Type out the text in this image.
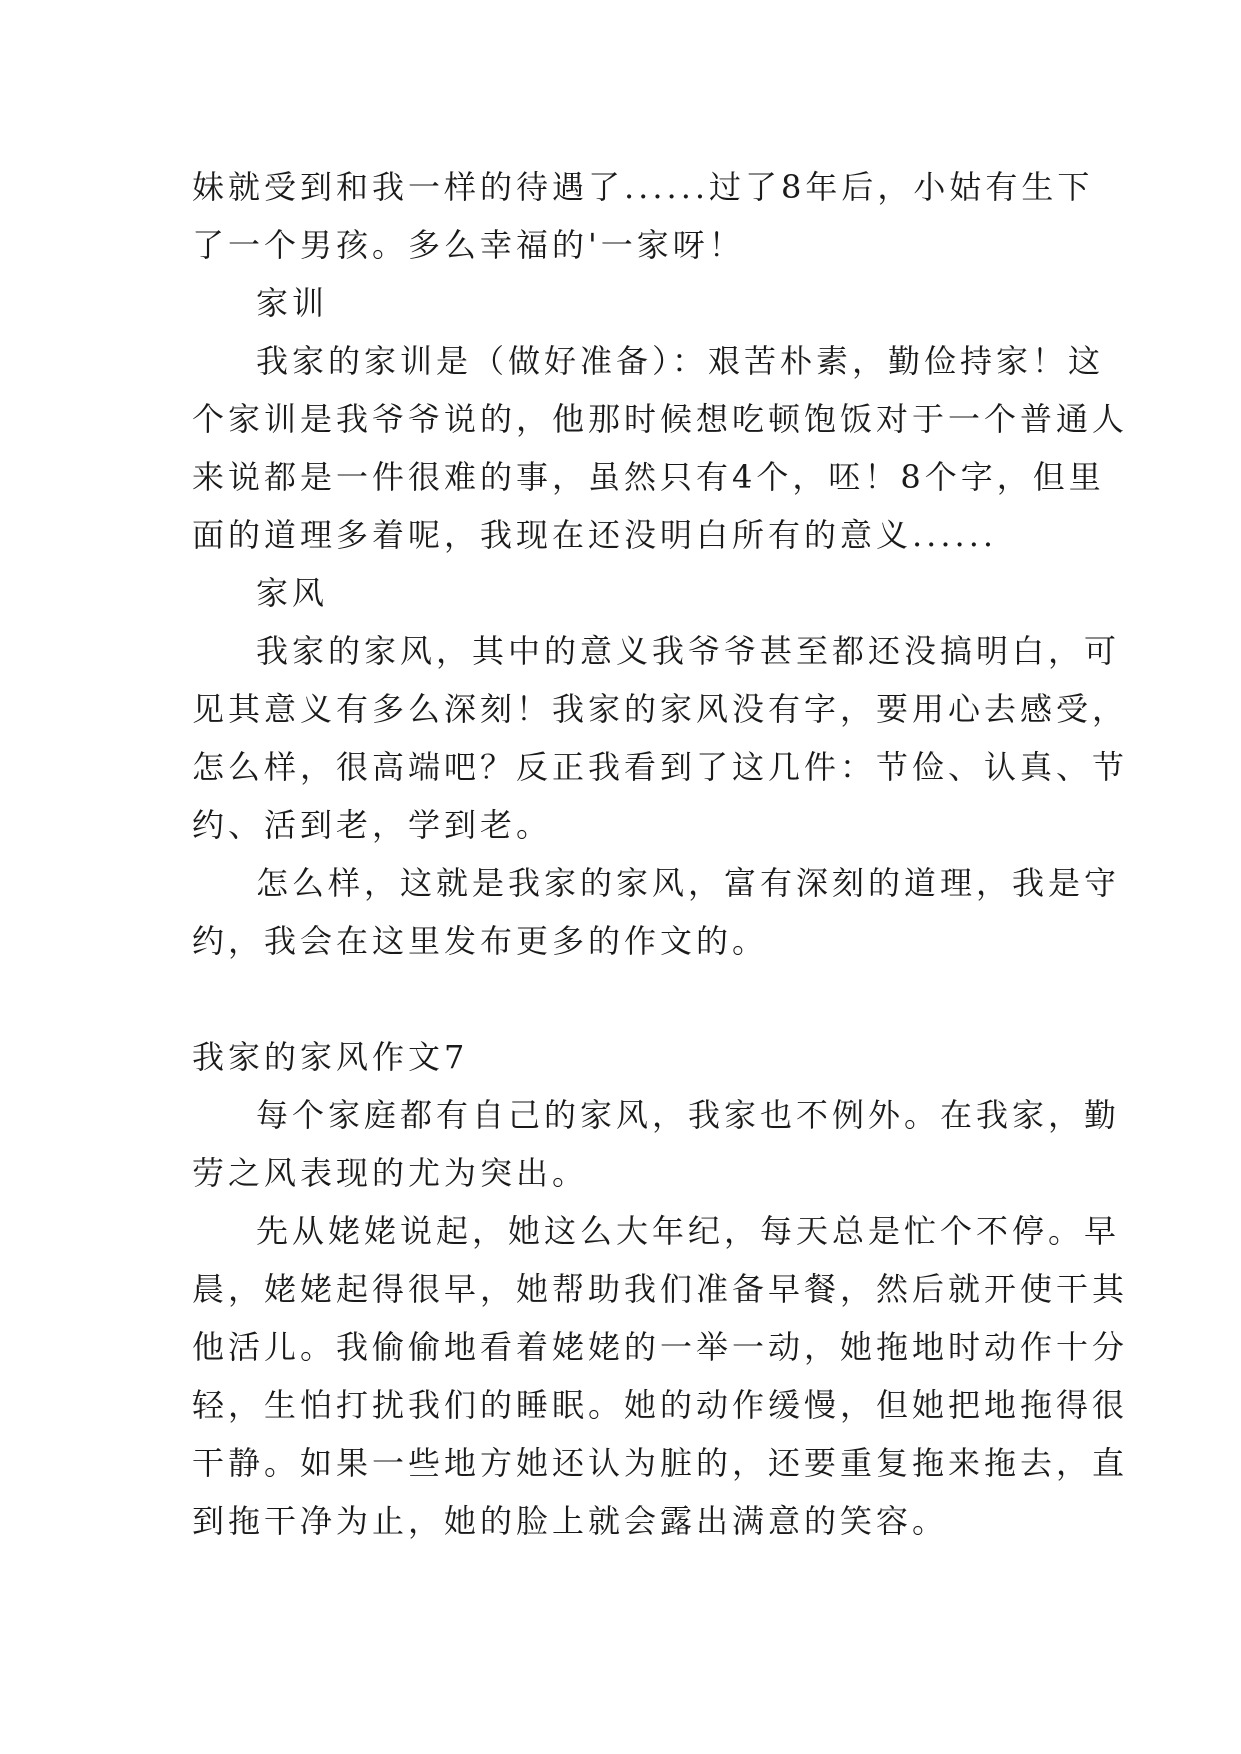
妹就受到和我一样的待遇了......过了8年后，小姑有生下
了一个男孩。多么幸福的'一家呀！
家训
我家的家训是（做好准备）：艰苦朴素，勤俭持家！这
个家训是我爷爷说的，他那时候想吃顿饱饭对于一个普通人
来说都是一件很难的事，虽然只有4个，呸！8个字，但里
面的道理多着呢，我现在还没明白所有的意义......
家风
我家的家风，其中的意义我爷爷甚至都还没搞明白，可
见其意义有多么深刻！我家的家风没有字，要用心去感受，
怎么样，很高端吧？反正我看到了这几件：节俭、认真、节
约、活到老，学到老。
怎么样，这就是我家的家风，富有深刻的道理，我是守
约，我会在这里发布更多的作文的。
我家的家风作文7
每个家庭都有自己的家风，我家也不例外。在我家，勤
劳之风表现的尤为突出。
先从姥姥说起，她这么大年纪，每天总是忙个不停。早
晨，姥姥起得很早，她帮助我们准备早餐，然后就开使干其
他活儿。我偷偷地看着姥姥的一举一动，她拖地时动作十分
轻，生怕打扰我们的睡眠。她的动作缓慢，但她把地拖得很
干静。如果一些地方她还认为脏的，还要重复拖来拖去，直
到拖干净为止，她的脸上就会露出满意的笑容。
